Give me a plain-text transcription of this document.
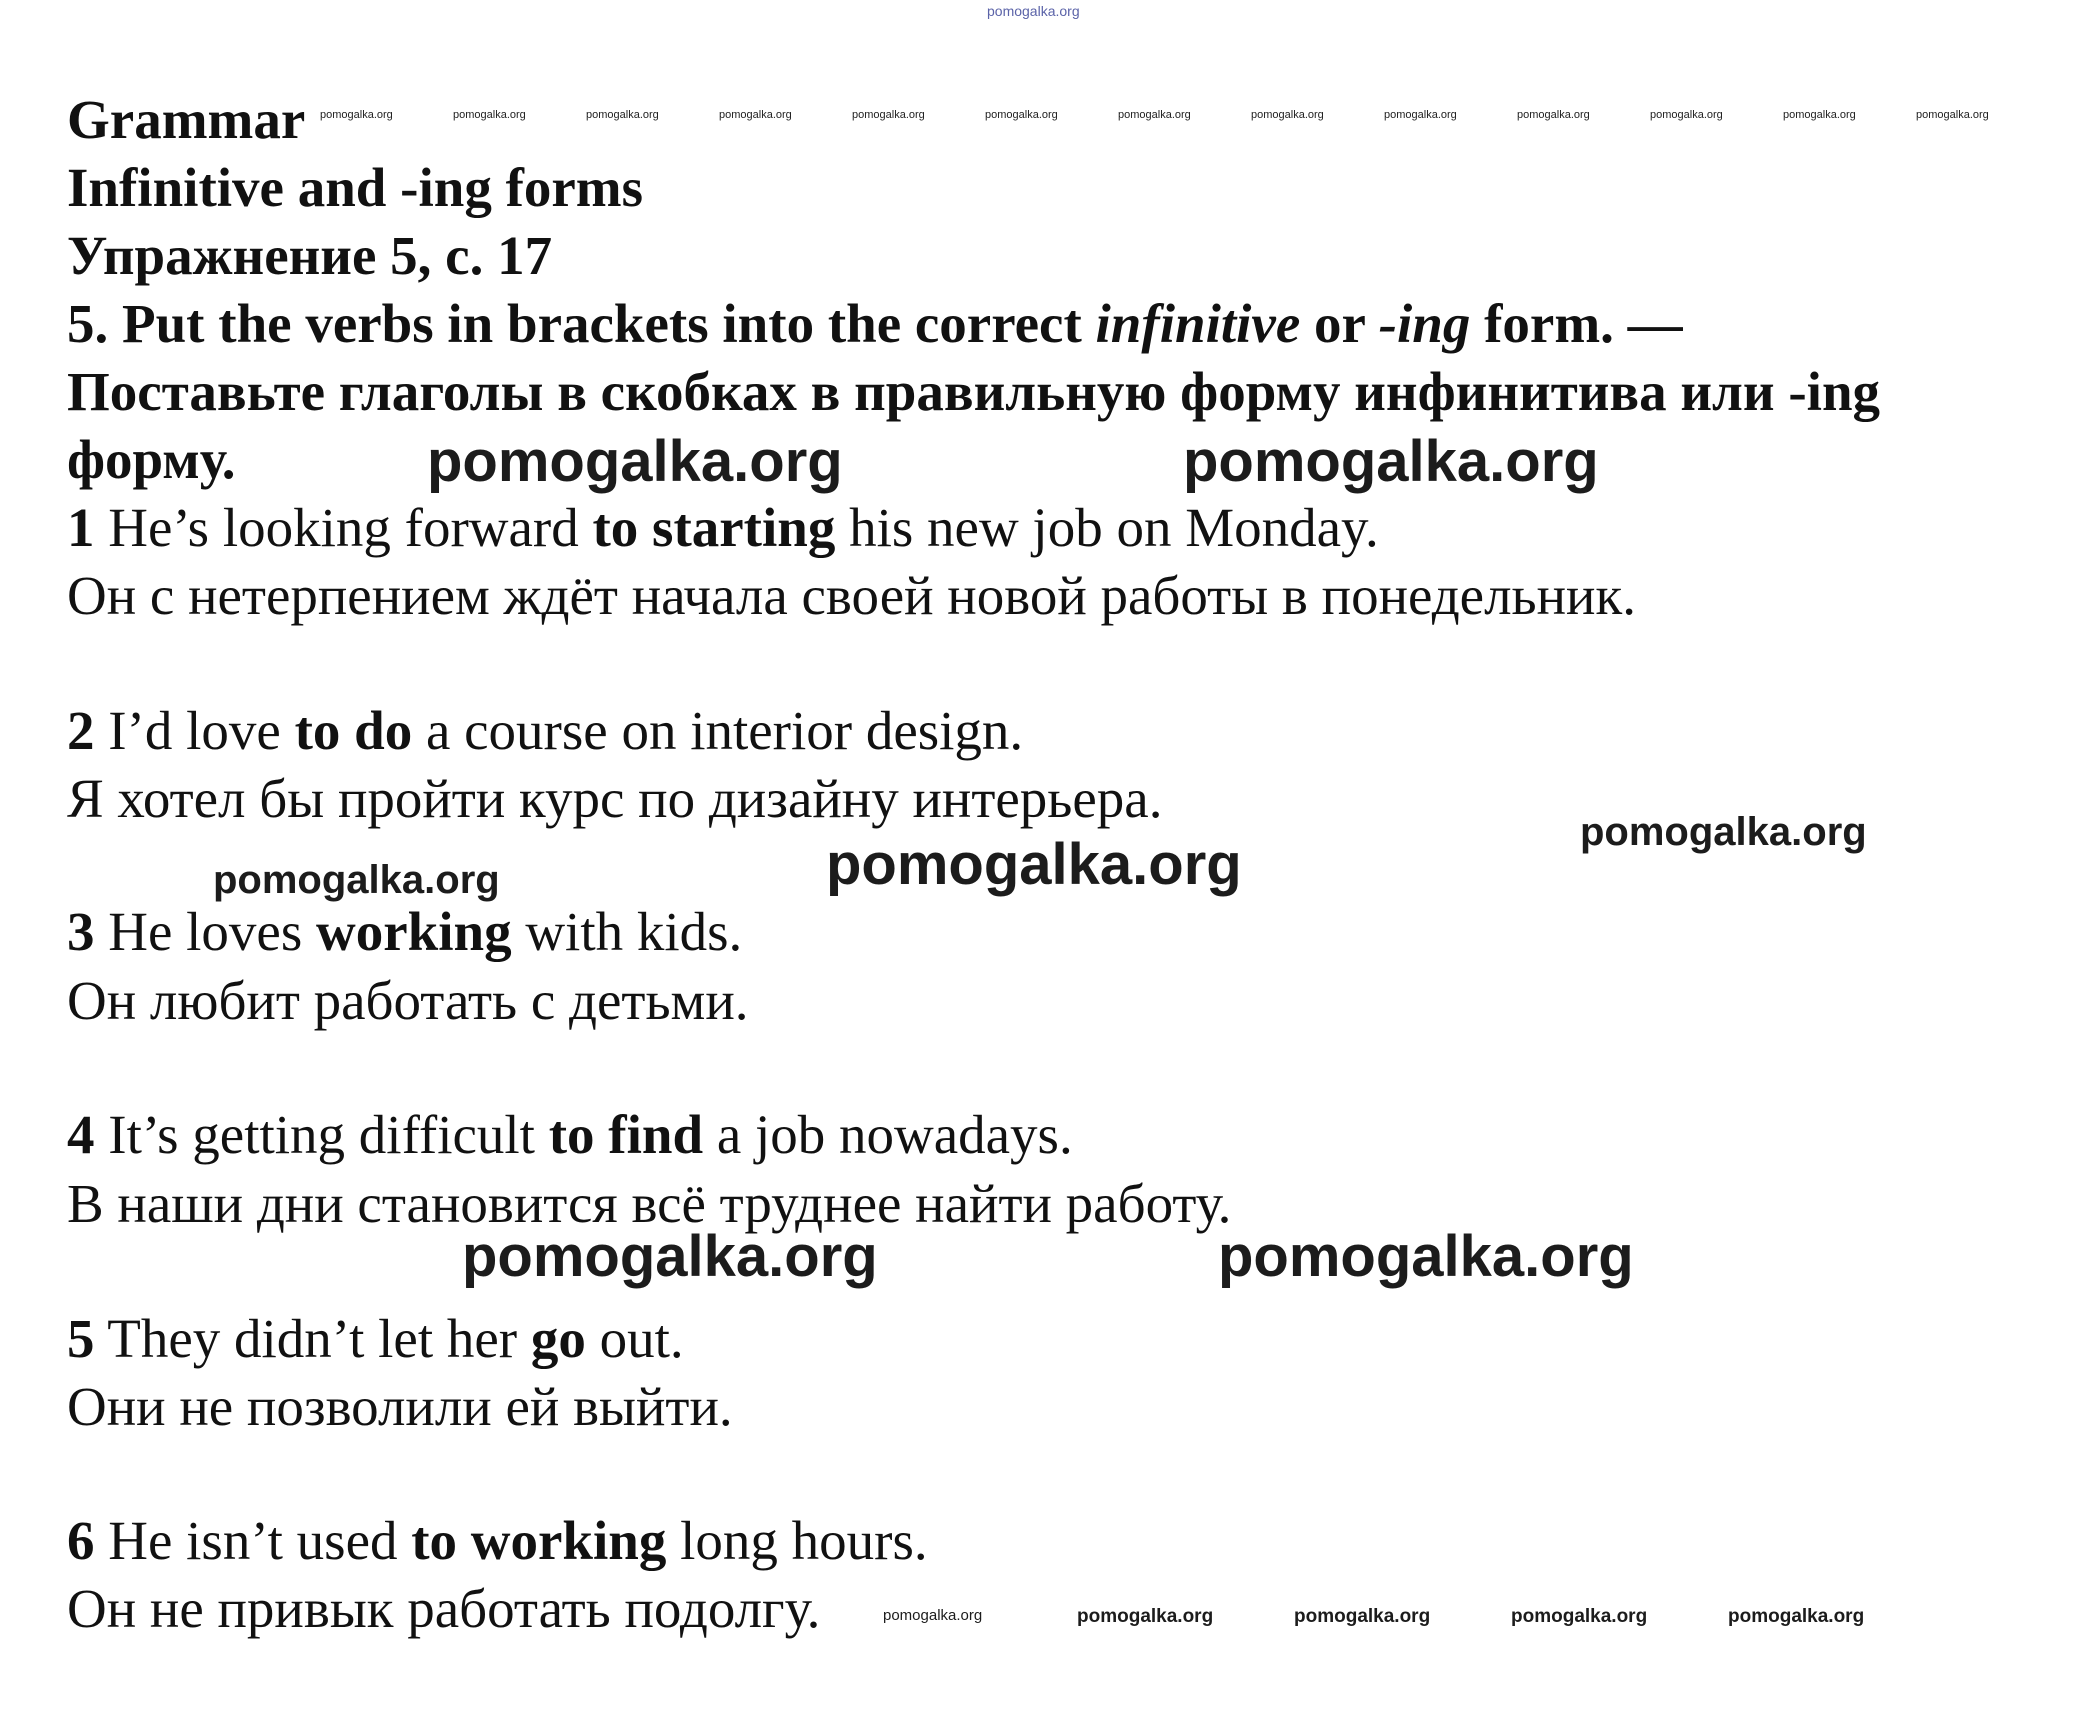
pomogalka.org
pomogalka.org	pomogalka.org	pomogalka.org	pomogalka.org	pomogalka.org	pomogalka.org	pomogalka.org	pomogalka.org	pomogalka.org	pomogalka.org	pomogalka.org	pomogalka.org	pomogalka.org
Grammar
Infinitive and -ing forms
Упражнение 5, с. 17
5. Put the verbs in brackets into the correct infinitive or -ing form. —
Поставьте глаголы в скобках в правильную форму инфинитива или -ing
форму.	pomogalka.org	pomogalka.org
1 He’s looking forward to starting his new job on Monday.
Он с нетерпением ждёт начала своей новой работы в понедельник.
2 I’d love to do a course on interior design.
Я хотел бы пройти курс по дизайну интерьера.
pomogalka.org
pomogalka.org
pomogalka.org
3 He loves working with kids.
Он любит работать с детьми.
4 It’s getting difficult to find a job nowadays.
В наши дни становится всё труднее найти работу.
pomogalka.org	pomogalka.org
5 They didn’t let her go out.
Они не позволили ей выйти.
6 He isn’t used to working long hours.
Он не привык работать подолгу.	pomogalka.org	pomogalka.org	pomogalka.org	pomogalka.org	pomogalka.org
